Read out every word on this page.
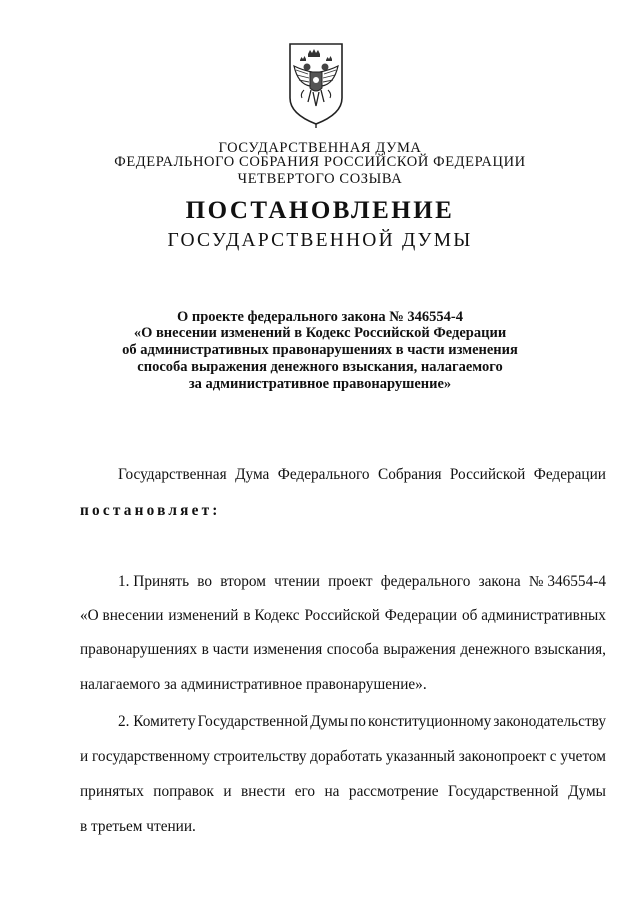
ГОСУДАРСТВЕННАЯ ДУМА
ФЕДЕРАЛЬНОГО СОБРАНИЯ РОССИЙСКОЙ ФЕДЕРАЦИИ
ЧЕТВЕРТОГО СОЗЫВА
ПОСТАНОВЛЕНИЕ
ГОСУДАРСТВЕННОЙ ДУМЫ
О проекте федерального закона № 346554-4
«О внесении изменений в Кодекс Российской Федерации
об административных правонарушениях в части изменения
способа выражения денежного взыскания, налагаемого
за административное правонарушение»
Государственная Дума Федерального Собрания Российской Федерации
постановляет:
1. Принять во втором чтении проект федерального закона № 346554-4
«О внесении изменений в Кодекс Российской Федерации об административных
правонарушениях в части изменения способа выражения денежного взыскания,
налагаемого за административное правонарушение».
2. Комитету Государственной Думы по конституционному законодательству
и государственному строительству доработать указанный законопроект с учетом
принятых поправок и внести его на рассмотрение Государственной Думы
в третьем чтении.
